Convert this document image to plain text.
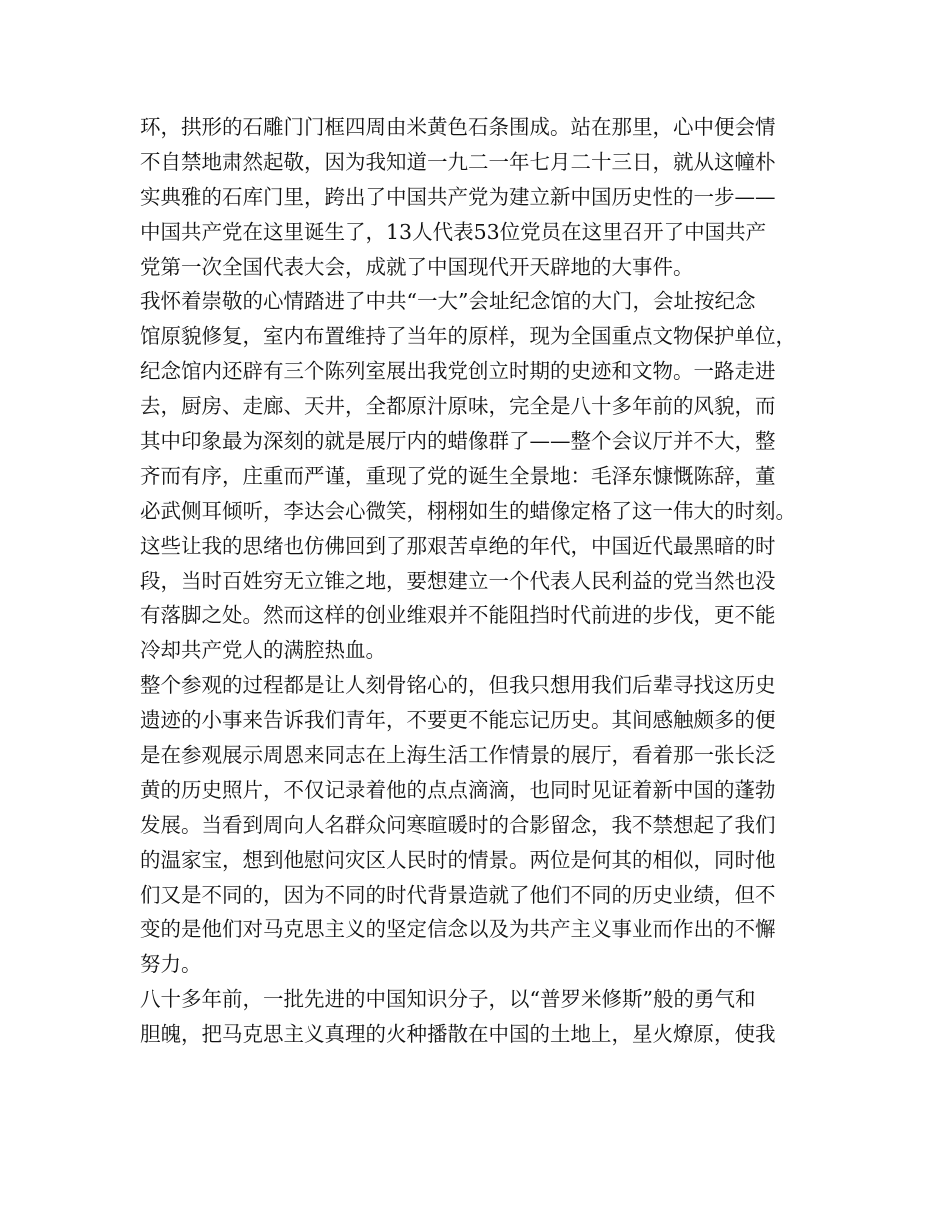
环，拱形的石雕门门框四周由米黄色石条围成。站在那里，心中便会情
不自禁地肃然起敬，因为我知道一九二一年七月二十三日，就从这幢朴
实典雅的石库门里，跨出了中国共产党为建立新中国历史性的一步——
中国共产党在这里诞生了，13人代表53位党员在这里召开了中国共产
党第一次全国代表大会，成就了中国现代开天辟地的大事件。
我怀着崇敬的心情踏进了中共“一大”会址纪念馆的大门，会址按纪念
馆原貌修复，室内布置维持了当年的原样，现为全国重点文物保护单位，
纪念馆内还辟有三个陈列室展出我党创立时期的史迹和文物。一路走进
去，厨房、走廊、天井，全都原汁原味，完全是八十多年前的风貌，而
其中印象最为深刻的就是展厅内的蜡像群了——整个会议厅并不大，整
齐而有序，庄重而严谨，重现了党的诞生全景地：毛泽东慷慨陈辞，董
必武侧耳倾听，李达会心微笑，栩栩如生的蜡像定格了这一伟大的时刻。
这些让我的思绪也仿佛回到了那艰苦卓绝的年代，中国近代最黑暗的时
段，当时百姓穷无立锥之地，要想建立一个代表人民利益的党当然也没
有落脚之处。然而这样的创业维艰并不能阻挡时代前进的步伐，更不能
冷却共产党人的满腔热血。
整个参观的过程都是让人刻骨铭心的，但我只想用我们后辈寻找这历史
遗迹的小事来告诉我们青年，不要更不能忘记历史。其间感触颇多的便
是在参观展示周恩来同志在上海生活工作情景的展厅，看着那一张长泛
黄的历史照片，不仅记录着他的点点滴滴，也同时见证着新中国的蓬勃
发展。当看到周向人名群众问寒暄暖时的合影留念，我不禁想起了我们
的温家宝，想到他慰问灾区人民时的情景。两位是何其的相似，同时他
们又是不同的，因为不同的时代背景造就了他们不同的历史业绩，但不
变的是他们对马克思主义的坚定信念以及为共产主义事业而作出的不懈
努力。
八十多年前，一批先进的中国知识分子，以“普罗米修斯”般的勇气和
胆魄，把马克思主义真理的火种播散在中国的土地上，星火燎原，使我
